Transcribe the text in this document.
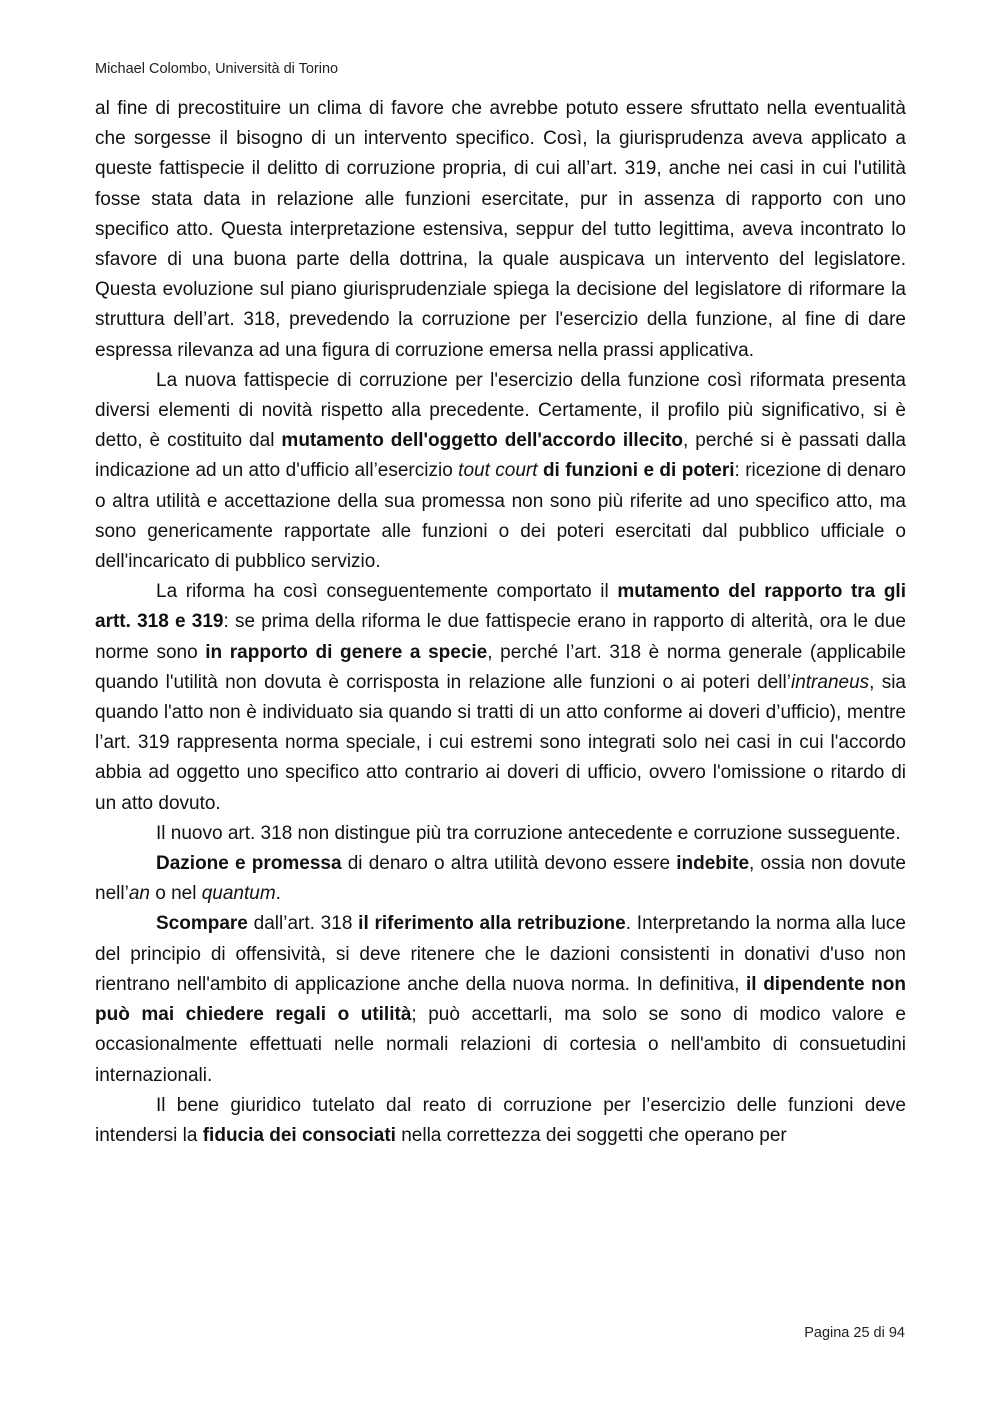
Michael Colombo, Università di Torino

al fine di precostituire un clima di favore che avrebbe potuto essere sfruttato nella eventualità che sorgesse il bisogno di un intervento specifico. Così, la giurisprudenza aveva applicato a queste fattispecie il delitto di corruzione propria, di cui all’art. 319, anche nei casi in cui l'utilità fosse stata data in relazione alle funzioni esercitate, pur in assenza di rapporto con uno specifico atto. Questa interpretazione estensiva, seppur del tutto legittima, aveva incontrato lo sfavore di una buona parte della dottrina, la quale auspicava un intervento del legislatore. Questa evoluzione sul piano giurisprudenziale spiega la decisione del legislatore di riformare la struttura dell’art. 318, prevedendo la corruzione per l'esercizio della funzione, al fine di dare espressa rilevanza ad una figura di corruzione emersa nella prassi applicativa.

La nuova fattispecie di corruzione per l'esercizio della funzione così riformata presenta diversi elementi di novità rispetto alla precedente. Certamente, il profilo più significativo, si è detto, è costituito dal mutamento dell'oggetto dell'accordo illecito, perché si è passati dalla indicazione ad un atto d'ufficio all’esercizio tout court di funzioni e di poteri: ricezione di denaro o altra utilità e accettazione della sua promessa non sono più riferite ad uno specifico atto, ma sono genericamente rapportate alle funzioni o dei poteri esercitati dal pubblico ufficiale o dell'incaricato di pubblico servizio.

La riforma ha così conseguentemente comportato il mutamento del rapporto tra gli artt. 318 e 319: se prima della riforma le due fattispecie erano in rapporto di alterità, ora le due norme sono in rapporto di genere a specie, perché l’art. 318 è norma generale (applicabile quando l'utilità non dovuta è corrisposta in relazione alle funzioni o ai poteri dell’intraneus, sia quando l'atto non è individuato sia quando si tratti di un atto conforme ai doveri d’ufficio), mentre l’art. 319 rappresenta norma speciale, i cui estremi sono integrati solo nei casi in cui l'accordo abbia ad oggetto uno specifico atto contrario ai doveri di ufficio, ovvero l'omissione o ritardo di un atto dovuto.

Il nuovo art. 318 non distingue più tra corruzione antecedente e corruzione susseguente.

Dazione e promessa di denaro o altra utilità devono essere indebite, ossia non dovute nell’an o nel quantum.

Scompare dall’art. 318 il riferimento alla retribuzione. Interpretando la norma alla luce del principio di offensività, si deve ritenere che le dazioni consistenti in donativi d'uso non rientrano nell'ambito di applicazione anche della nuova norma. In definitiva, il dipendente non può mai chiedere regali o utilità; può accettarli, ma solo se sono di modico valore e occasionalmente effettuati nelle normali relazioni di cortesia o nell'ambito di consuetudini internazionali.

Il bene giuridico tutelato dal reato di corruzione per l’esercizio delle funzioni deve intendersi la fiducia dei consociati nella correttezza dei soggetti che operano per

Pagina 25 di 94
